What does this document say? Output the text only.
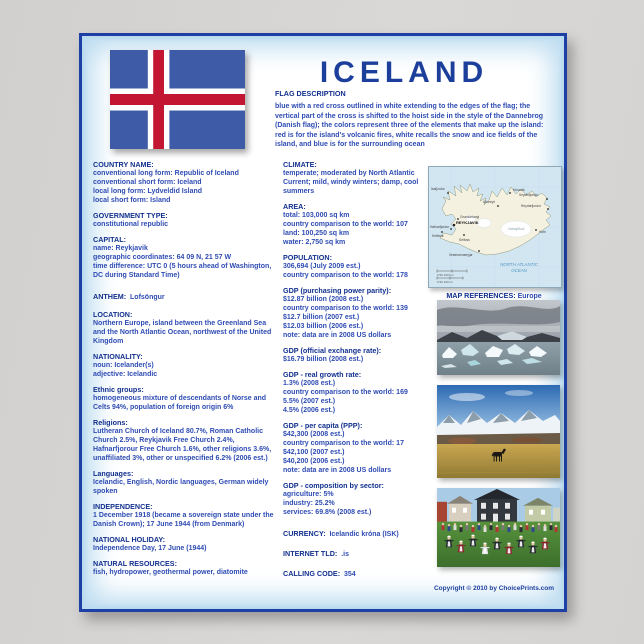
ICELAND
FLAG DESCRIPTION
blue with a red cross outlined in white extending to the edges of the flag; the vertical part of the cross is shifted to the hoist side in the style of the Dannebrog (Danish flag); the colors represent three of the elements that make up the island: red is for the island's volcanic fires, white recalls the snow and ice fields of the island, and blue is for the surrounding ocean
COUNTRY NAME:
conventional long form: Republic of Iceland
conventional short form: Iceland
local long form: Lydveldid Island
local short form: Island
GOVERNMENT TYPE:
constitutional republic
CAPITAL:
name: Reykjavik
geographic coordinates: 64 09 N, 21 57 W
time difference: UTC 0 (5 hours ahead of Washington, DC during Standard Time)
ANTHEM:  Lofsöngur
LOCATION:
Northern Europe, island between the Greenland Sea and the North Atlantic Ocean, northwest of the United Kingdom
NATIONALITY:
noun: Icelander(s)
adjective: Icelandic
Ethnic groups:
homogeneous mixture of descendants of Norse and Celts 94%, population of foreign origin 6%
Religions:
Lutheran Church of Iceland 80.7%, Roman Catholic Church 2.5%, Reykjavik Free Church 2.4%, Hafnarfjorour Free Church 1.6%, other religions 3.6%, unaffiliated 3%, other or unspecified 6.2% (2006 est.)
Languages:
Icelandic, English, Nordic languages, German widely spoken
INDEPENDENCE:
1 December 1918 (became a sovereign state under the Danish Crown); 17 June 1944 (from Denmark)
NATIONAL HOLIDAY:
Independence Day, 17 June (1944)
NATURAL RESOURCES:
fish, hydropower, geothermal power, diatomite
CLIMATE:
temperate; moderated by North Atlantic Current; mild, windy winters; damp, cool summers
AREA:
total: 103,000 sq km
country comparison to the world: 107
land: 100,250 sq km
water: 2,750 sq km
POPULATION:
306,694 (July 2009 est.)
country comparison to the world: 178
GDP (purchasing power parity):
$12.87 billion (2008 est.)
country comparison to the world: 139
$12.7 billion (2007 est.)
$12.03 billion (2006 est.)
note: data are in 2008 US dollars
GDP (official exchange rate):
$16.79 billion (2008 est.)
GDP - real growth rate:
1.3% (2008 est.)
country comparison to the world: 169
5.5% (2007 est.)
4.5% (2006 est.)
GDP - per capita (PPP):
$42,300 (2008 est.)
country comparison to the world: 17
$42,100 (2007 est.)
$40,200 (2006 est.)
note: data are in 2008 US dollars
GDP - composition by sector:
agriculture: 5%
industry: 25.2%
services: 69.8% (2008 est.)
CURRENCY:  Icelandic króna (ISK)
INTERNET TLD:  .is
CALLING CODE:  354
Vatnajökull
Isafjordur	Husavik
Akureyri
Seydisfjordur
Reydarfjordur
Hofn
REYKJAVIK
Grundartangi
Hafnarfjordur
Keflavik
Selfoss
Vestmannaeyjar
NORTH ATLANTIC
OCEAN
0 50 100 km
0 50 100 mi
MAP REFERENCES: Europe
Copyright © 2010 by ChoicePrints.com
